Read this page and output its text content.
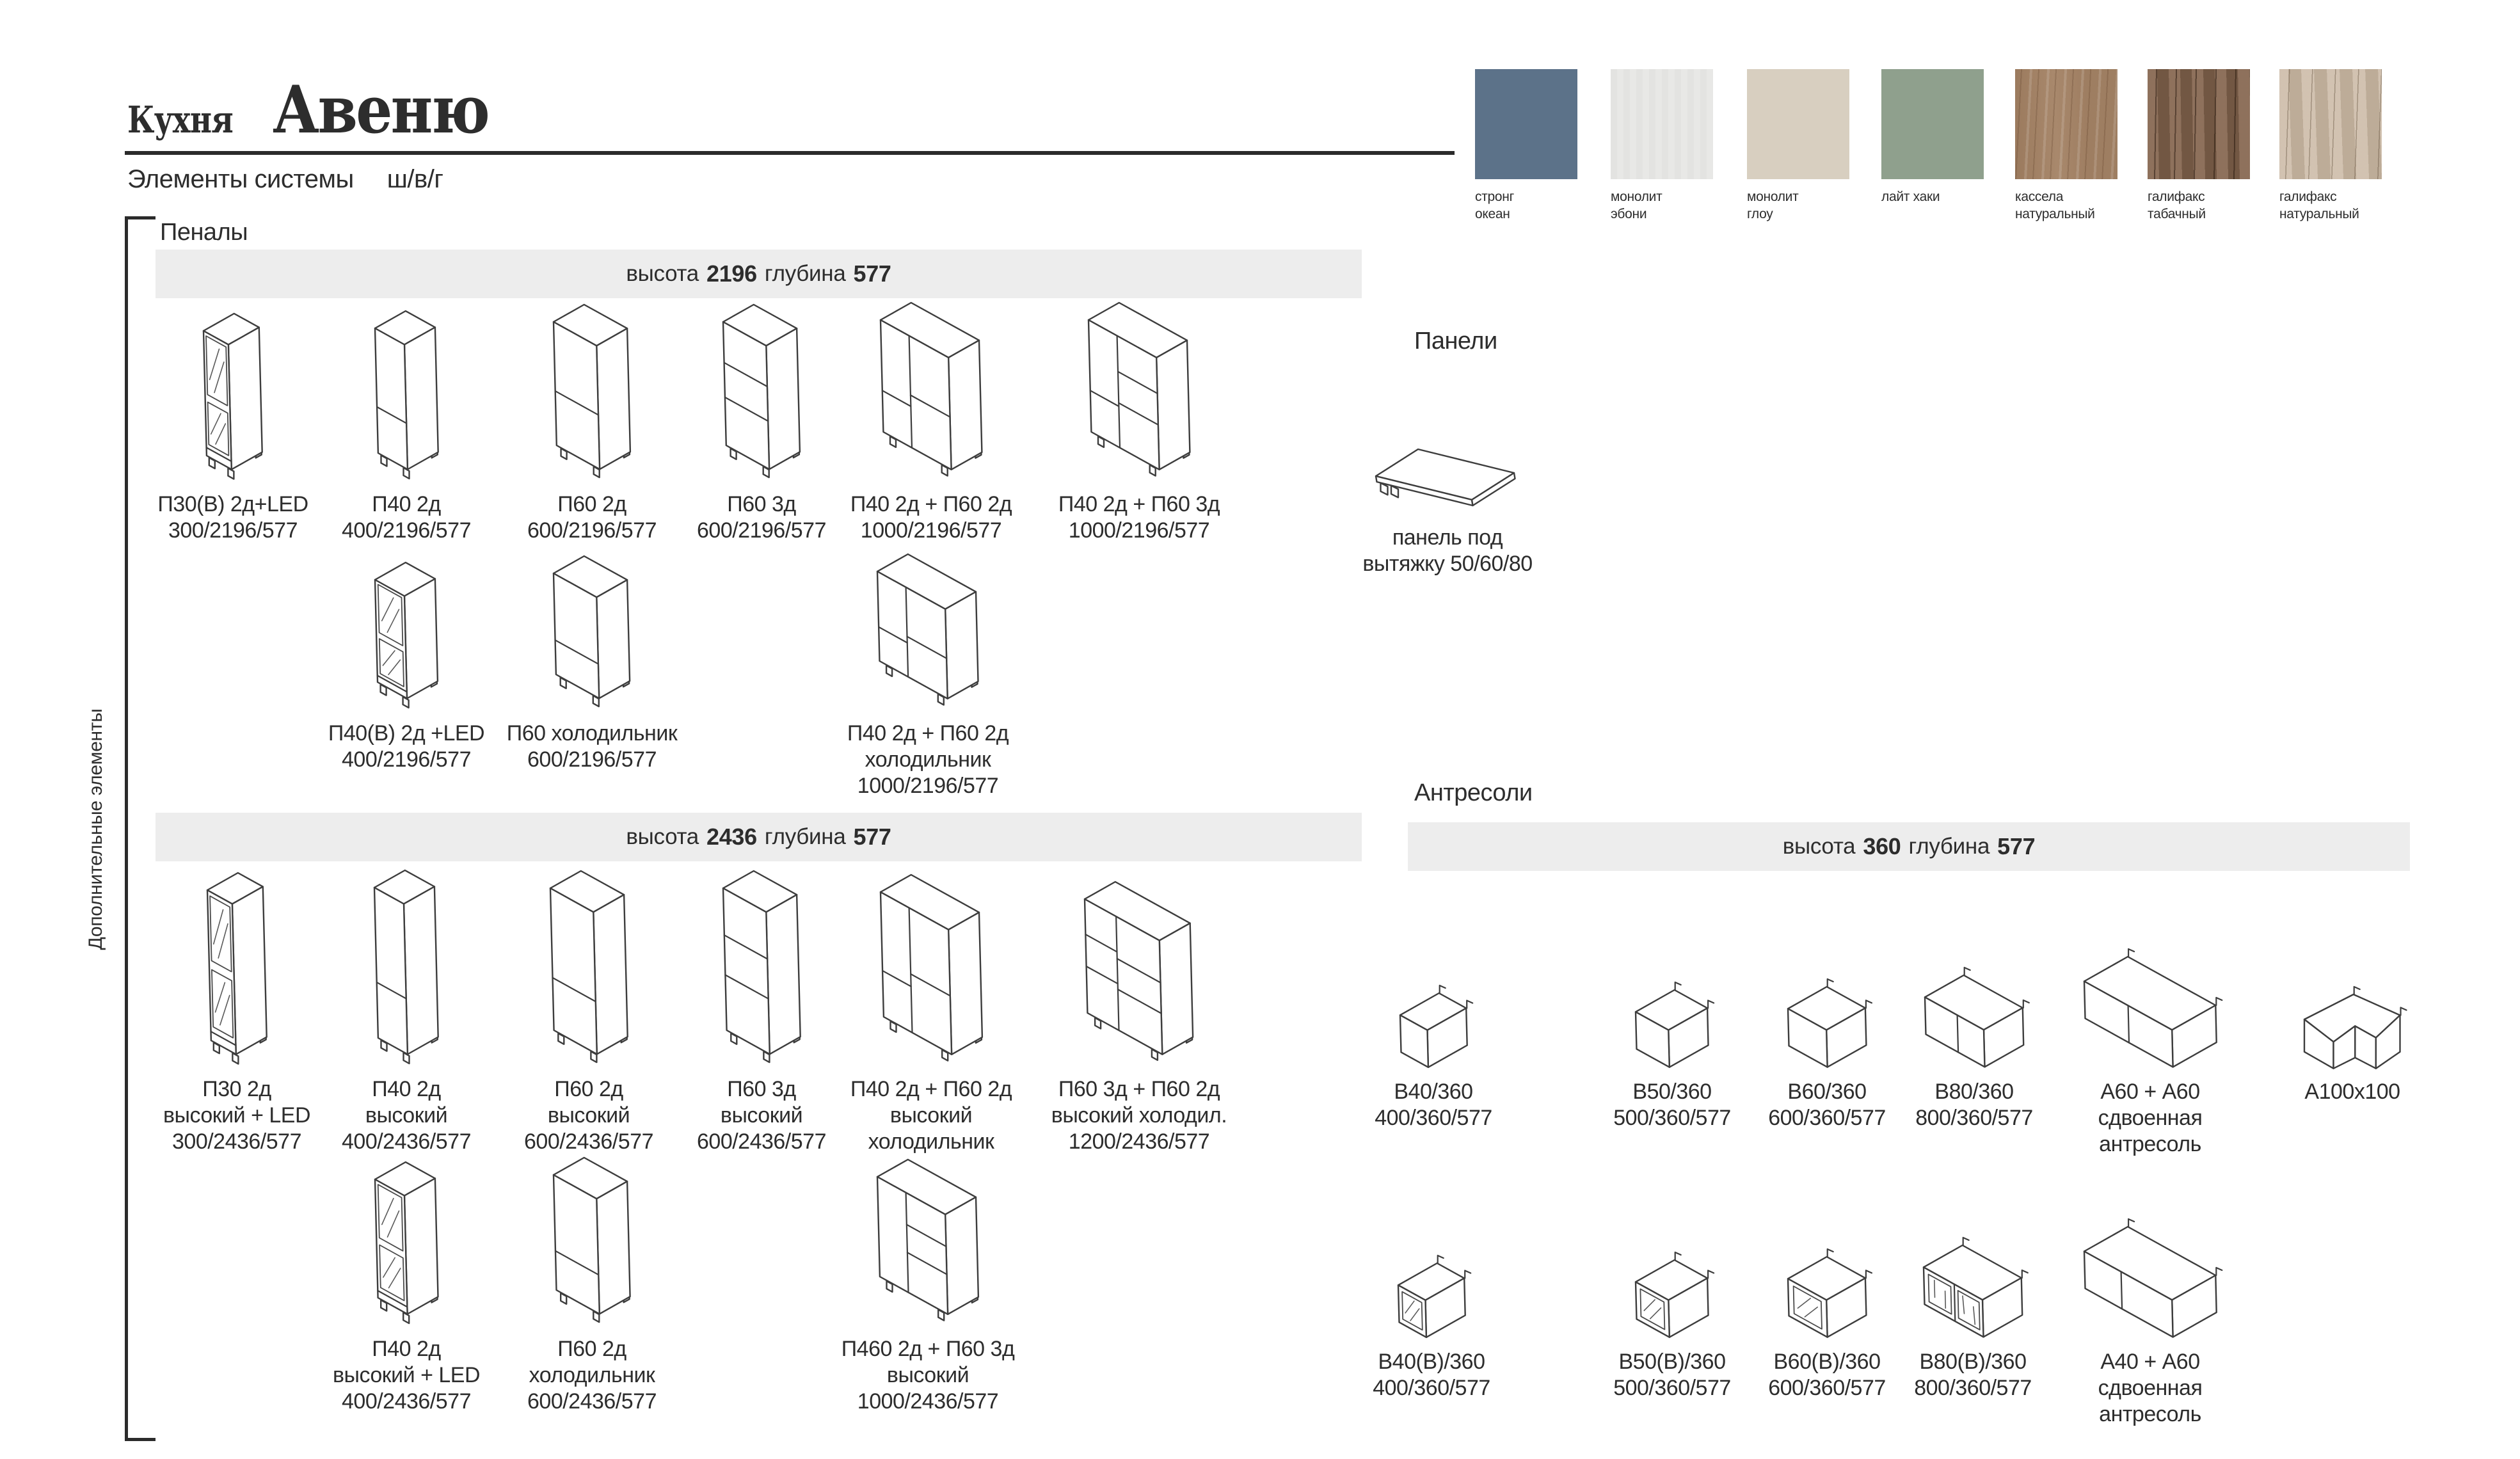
Кухня Авеню
Элементы системы ш/в/г
стронг
океан
монолит
эбони
монолит
глоу
лайт хаки	кассела
натуральный
галифакс
табачный
галифакс
натуральный
Дополнительные элементы
Пеналы
высота 2196 глубина 577
высота 2436 глубина 577
Панели
Антресоли
высота 360 глубина 577
П30(В) 2д+LED
300/2196/577
П40 2д
400/2196/577
П60 2д
600/2196/577
П60 3д
600/2196/577
П40 2д + П60 2д
1000/2196/577
П40 2д + П60 3д
1000/2196/577
П40(В) 2д +LED
400/2196/577
П60 холодильник
600/2196/577
П40 2д + П60 2д
холодильник
1000/2196/577
П30 2д
высокий + LED
300/2436/577
П40 2д
высокий
400/2436/577
П60 2д
высокий
600/2436/577
П60 3д
высокий
600/2436/577
П40 2д + П60 2д
высокий
холодильник
П60 3д + П60 2д
высокий холодил.
1200/2436/577
П40 2д
высокий + LED
400/2436/577
П60 2д
холодильник
600/2436/577
П460 2д + П60 3д
высокий
1000/2436/577
панель под
вытяжку 50/60/80
В40/360
400/360/577
В50/360
500/360/577
В60/360
600/360/577
В80/360
800/360/577
А60 + А60
сдвоенная антресоль
А100х100
В40(В)/360
400/360/577
В50(В)/360
500/360/577
В60(В)/360
600/360/577
В80(В)/360
800/360/577
А40 + А60
сдвоенная антресоль
